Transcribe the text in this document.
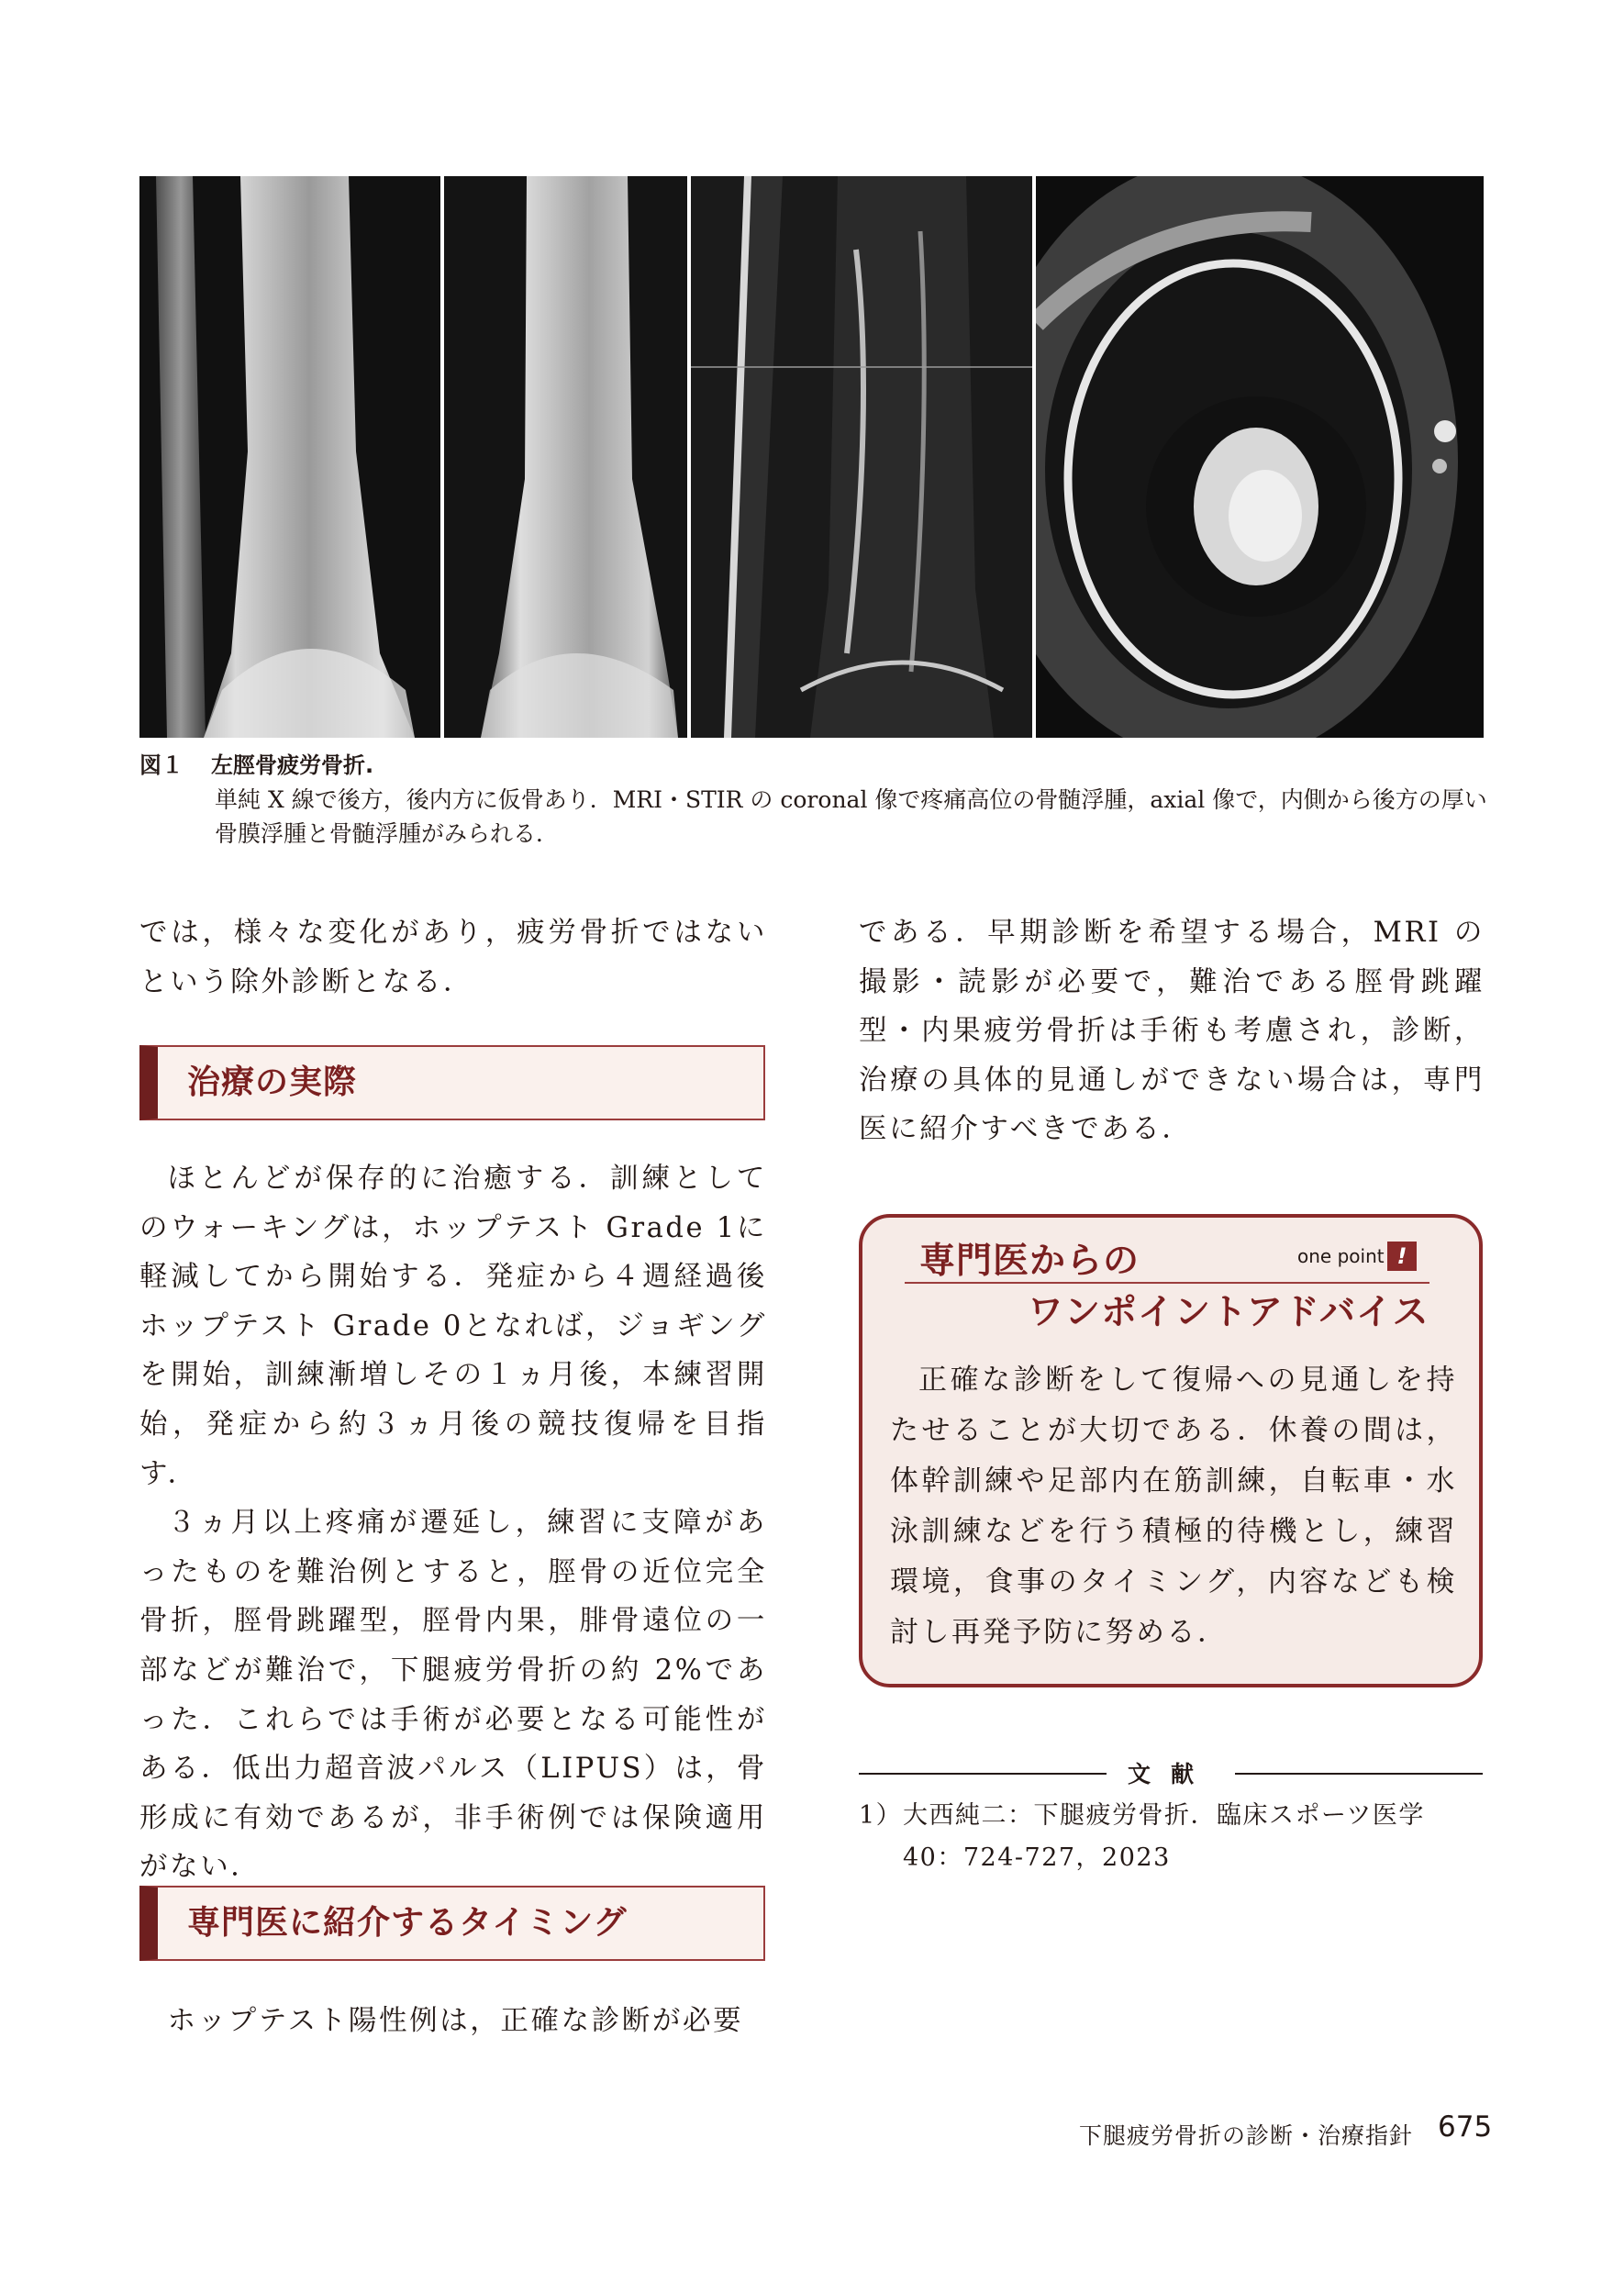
図１ 左脛骨疲労骨折.

単純 X 線で後方，後内方に仮骨あり．MRI・STIR の coronal 像で疼痛高位の骨髄浮腫，axial 像で，内側から後方の厚い骨膜浮腫と骨髄浮腫がみられる．

では，様々な変化があり，疲労骨折ではないという除外診断となる．

治療の実際

ほとんどが保存的に治癒する．訓練としてのウォーキングは，ホップテスト Grade 1に軽減してから開始する．発症から４週経過後ホップテスト Grade 0となれば，ジョギングを開始，訓練漸増しその１ヵ月後，本練習開始，発症から約３ヵ月後の競技復帰を目指す．

３ヵ月以上疼痛が遷延し，練習に支障があったものを難治例とすると，脛骨の近位完全骨折，脛骨跳躍型，脛骨内果，腓骨遠位の一部などが難治で，下腿疲労骨折の約 2%であった．これらでは手術が必要となる可能性がある．低出力超音波パルス（LIPUS）は，骨形成に有効であるが，非手術例では保険適用がない．

専門医に紹介するタイミング

ホップテスト陽性例は，正確な診断が必要

である．早期診断を希望する場合，MRI の撮影・読影が必要で，難治である脛骨跳躍型・内果疲労骨折は手術も考慮され，診断，治療の具体的見通しができない場合は，専門医に紹介すべきである．

専門医からの	one point !
ワンポイントアドバイス
正確な診断をして復帰への見通しを持たせることが大切である．休養の間は，体幹訓練や足部内在筋訓練，自転車・水泳訓練などを行う積極的待機とし，練習環境，食事のタイミング，内容なども検討し再発予防に努める．
文献
1）大西純二：下腿疲労骨折．臨床スポーツ医学
40：724-727，2023
下腿疲労骨折の診断・治療指針 675
